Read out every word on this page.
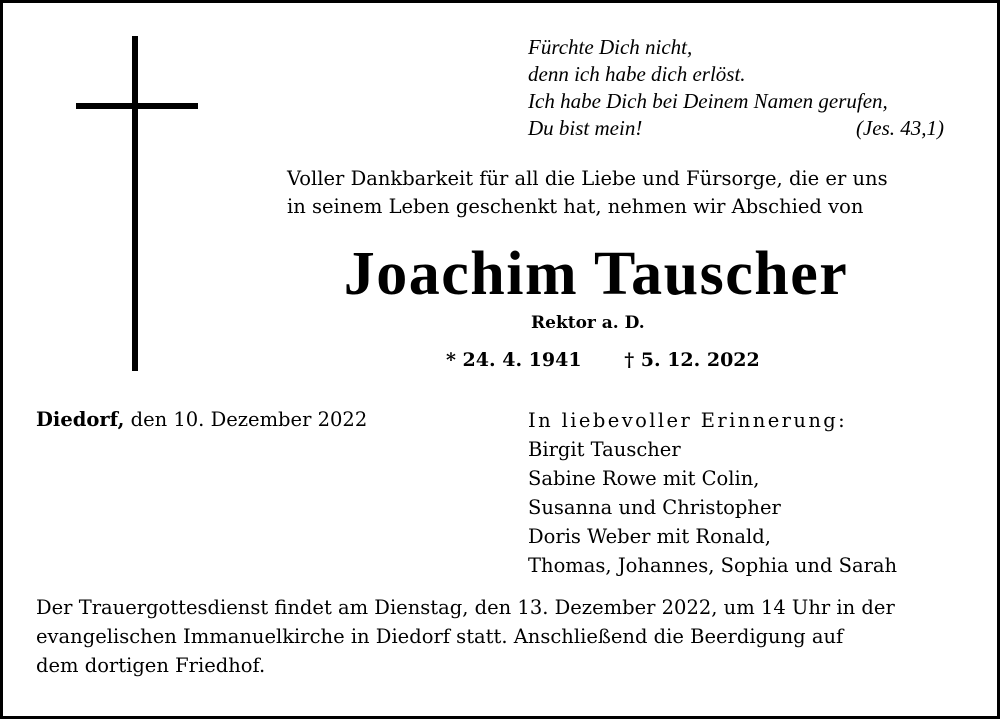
Fürchte Dich nicht,
denn ich habe dich erlöst.
Ich habe Dich bei Deinem Namen gerufen,
Du bist mein!	(Jes. 43,1)
Voller Dankbarkeit für all die Liebe und Fürsorge, die er uns
in seinem Leben geschenkt hat, nehmen wir Abschied von
Joachim Tauscher
Rektor a. D.
* 24. 4. 1941 † 5. 12. 2022
Diedorf, den 10. Dezember 2022	In liebevoller Erinnerung:
Birgit Tauscher
Sabine Rowe mit Colin,
Susanna und Christopher
Doris Weber mit Ronald,
Thomas, Johannes, Sophia und Sarah
Der Trauergottesdienst findet am Dienstag, den 13. Dezember 2022, um 14 Uhr in der
evangelischen Immanuelkirche in Diedorf statt. Anschließend die Beerdigung auf
dem dortigen Friedhof.
